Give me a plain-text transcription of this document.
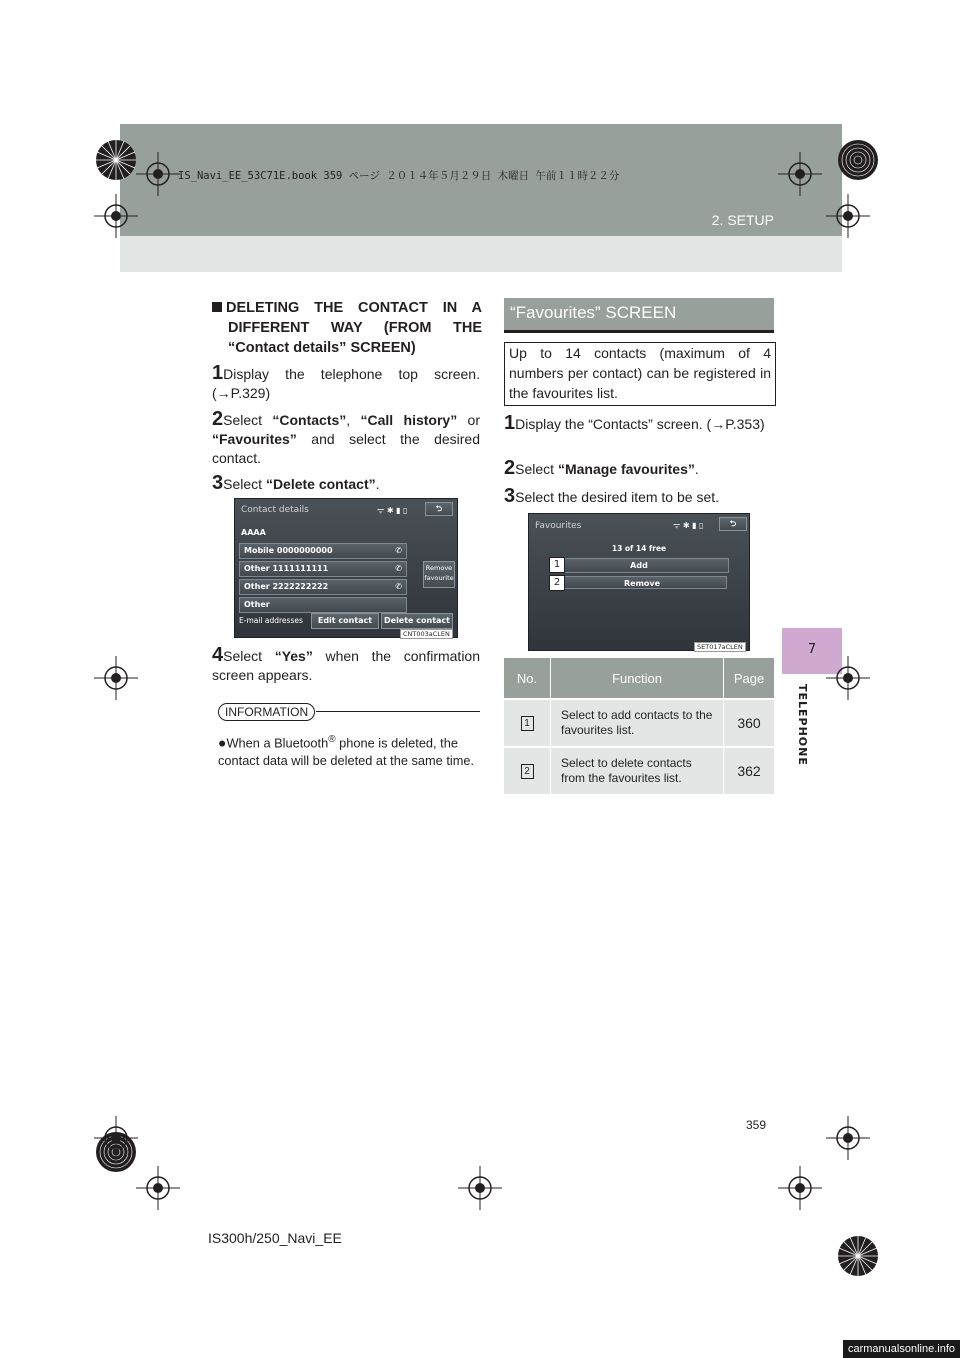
2. SETUP
IS_Navi_EE_53C71E.book 359 ページ ２０１４年５月２９日 木曜日 午前１１時２２分
7
TELEPHONE
DELETING THE CONTACT IN A
DIFFERENT WAY (FROM THE
“Contact details” SCREEN)
1Display the telephone top screen. (→P.329)
2Select “Contacts”, “Call history” or “Favourites” and select the desired contact.
3Select “Delete contact”.
Contact details	ᯤ ✱ ▮ ▯	⮌
AAAA
Mobile 0000000000	✆
Other 1111111111	✆
Other 2222222222	✆
Other
Remove
favourite
E-mail addresses	Edit contact	Delete contact
CNT003aCLEN
4Select “Yes” when the confirmation screen appears.
INFORMATION
●When a Bluetooth® phone is deleted, the contact data will be deleted at the same time.
“Favourites” SCREEN
Up to 14 contacts (maximum of 4 numbers per contact) can be registered in the favourites list.
1Display the “Contacts” screen. (→P.353)
2Select “Manage favourites”.
3Select the desired item to be set.
Favourites	ᯤ ✱ ▮ ▯	⮌
13 of 14 free
Add
Remove
1
2
SET017aCLEN
No.	Function	Page
1	Select to add contacts to the favourites list.	360
2	Select to delete contacts from the favourites list.	362
359
IS300h/250_Navi_EE
carmanualsonline.info
